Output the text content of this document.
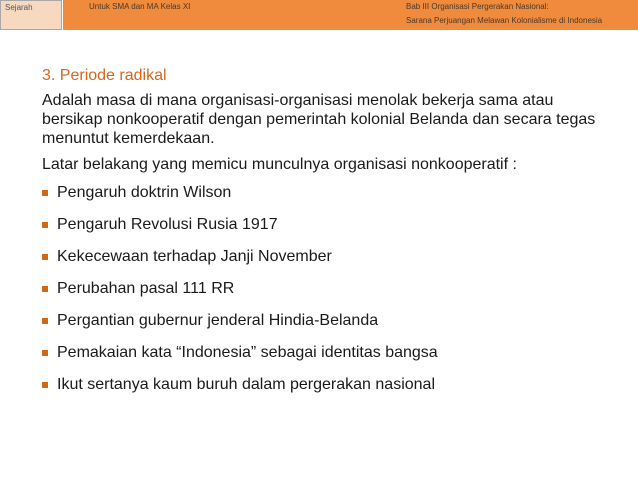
Sejarah	Untuk SMA dan MA Kelas XI	Bab III Organisasi Pergerakan Nasional:
Sarana Perjuangan Melawan Kolonialisme di Indonesia
3. Periode radikal
Adalah masa di mana organisasi-organisasi menolak bekerja sama atau bersikap nonkooperatif dengan pemerintah kolonial Belanda dan secara tegas menuntut kemerdekaan.
Latar belakang yang memicu munculnya organisasi nonkooperatif :
Pengaruh doktrin Wilson
Pengaruh Revolusi Rusia 1917
Kekecewaan terhadap Janji November
Perubahan pasal 111 RR
Pergantian gubernur jenderal Hindia-Belanda
Pemakaian kata “Indonesia” sebagai identitas bangsa
Ikut sertanya kaum buruh dalam pergerakan nasional
